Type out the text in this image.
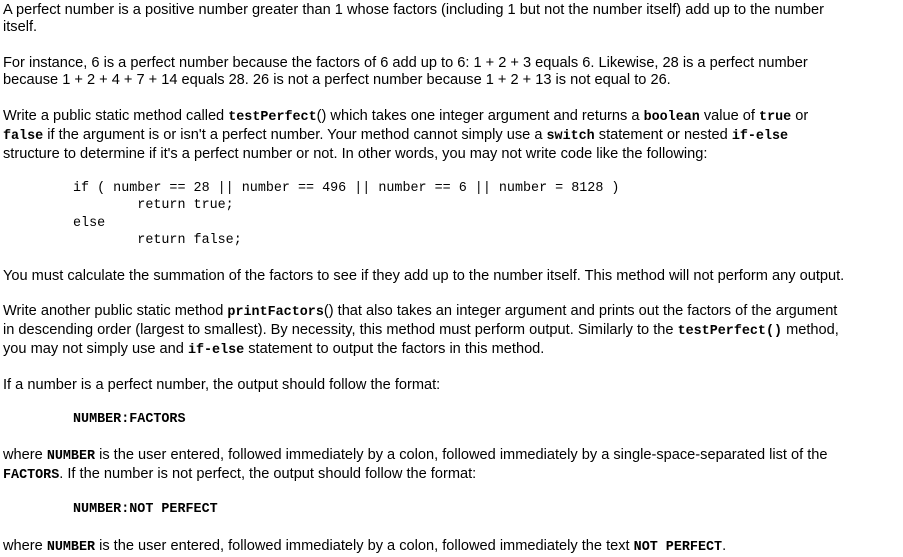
A perfect number is a positive number greater than 1 whose factors (including 1 but not the number itself) add up to the number
itself.
For instance, 6 is a perfect number because the factors of 6 add up to 6: 1 + 2 + 3 equals 6. Likewise, 28 is a perfect number
because 1 + 2 + 4 + 7 + 14 equals 28. 26 is not a perfect number because 1 + 2 + 13 is not equal to 26.
Write a public static method called testPerfect() which takes one integer argument and returns a boolean value of true or
false if the argument is or isn't a perfect number. Your method cannot simply use a switch statement or nested if-else
structure to determine if it's a perfect number or not. In other words, you may not write code like the following:
if ( number == 28 || number == 496 || number == 6 || number = 8128 )
return true;
else
return false;
You must calculate the summation of the factors to see if they add up to the number itself. This method will not perform any output.
Write another public static method printFactors() that also takes an integer argument and prints out the factors of the argument
in descending order (largest to smallest). By necessity, this method must perform output. Similarly to the testPerfect() method,
you may not simply use and if-else statement to output the factors in this method.
If a number is a perfect number, the output should follow the format:
NUMBER:FACTORS
where NUMBER is the user entered, followed immediately by a colon, followed immediately by a single-space-separated list of the
FACTORS. If the number is not perfect, the output should follow the format:
NUMBER:NOT PERFECT
where NUMBER is the user entered, followed immediately by a colon, followed immediately the text NOT PERFECT.
